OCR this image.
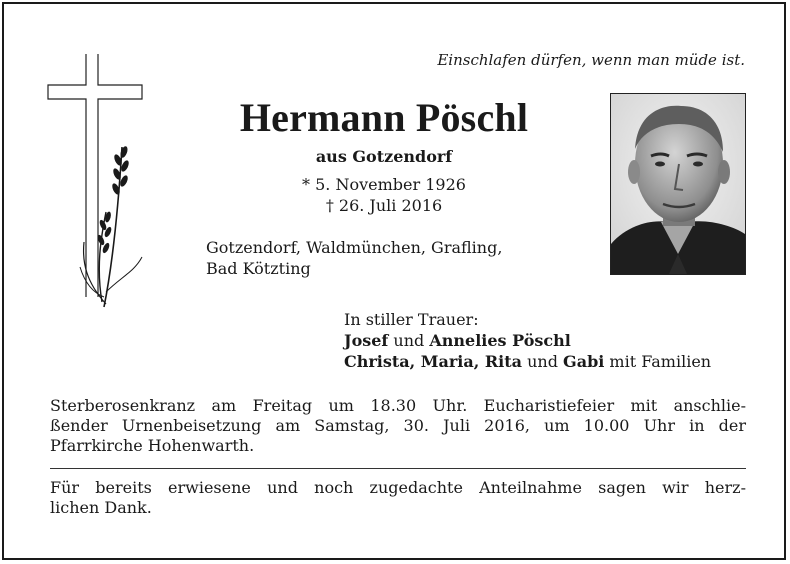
Einschlafen dürfen, wenn man müde ist.
Hermann Pöschl
aus Gotzendorf
* 5. November 1926
† 26. Juli 2016
Gotzendorf, Waldmünchen, Grafling,
Bad Kötzting
In stiller Trauer:
Josef und Annelies Pöschl
Christa, Maria, Rita und Gabi mit Familien
Sterberosenkranz am Freitag um 18.30 Uhr. Eucharistiefeier mit anschlie-
ßender Urnenbeisetzung am Samstag, 30. Juli 2016, um 10.00 Uhr in der
Pfarrkirche Hohenwarth.
Für bereits erwiesene und noch zugedachte Anteilnahme sagen wir herz-
lichen Dank.
